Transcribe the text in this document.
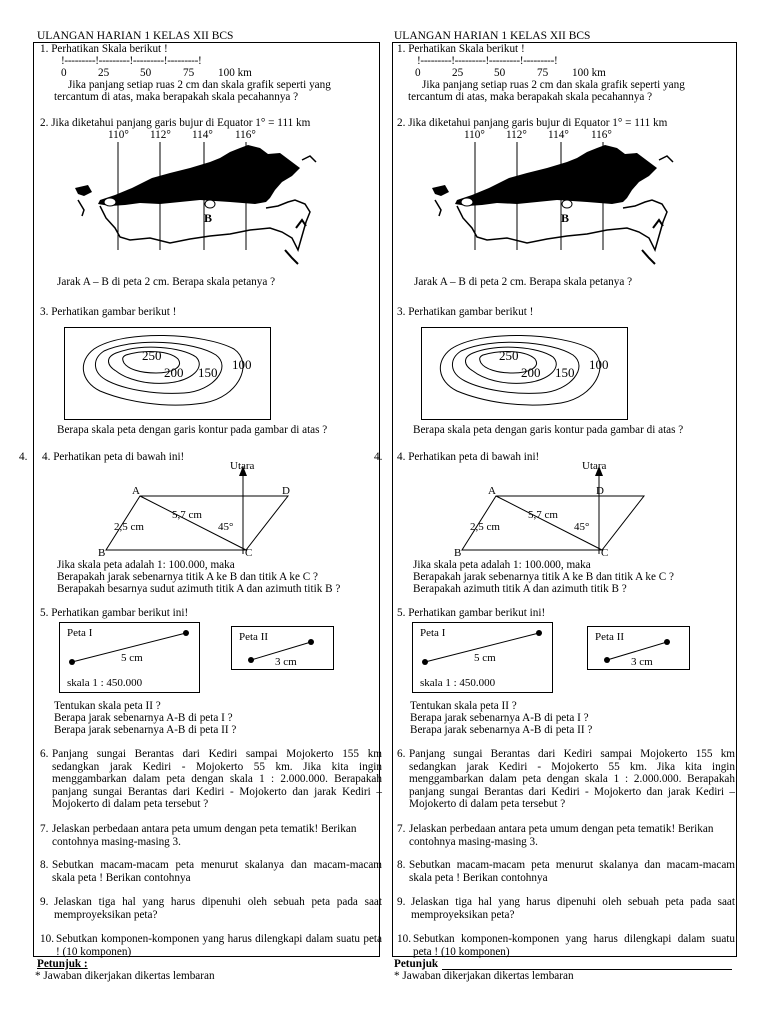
ULANGAN HARIAN 1 KELAS XII BCS
1. Perhatikan Skala berikut !
!---------!---------!---------!---------!
0	25	50	75 100 km
Jika panjang setiap ruas 2 cm dan skala grafik seperti yang
tercantum di atas, maka berapakah skala pecahannya ?
2. Jika diketahui panjang garis bujur di Equator 1° = 111 km
110° 112° 114° 116°
B
Jarak A – B di peta 2 cm. Berapa skala petanya ?
3. Perhatikan gambar berikut !
250
200 150
100
Berapa skala peta dengan garis kontur pada gambar di atas ?
4. 4. Perhatikan peta di bawah ini!
Utara
A	D
B	C
2,5 cm
5,7 cm
45°
Jika skala peta adalah 1: 100.000, maka
Berapakah jarak sebenarnya titik A ke B dan titik A ke C ?
Berapakah besarnya sudut azimuth titik A dan azimuth titik B ?
5. Perhatikan gambar berikut ini!
Peta I
5 cm
skala 1 : 450.000
Peta II
3 cm
Tentukan skala peta II ?
Berapa jarak sebenarnya A-B di peta I ?
Berapa jarak sebenarnya A-B di peta II ?
6. Panjang sungai Berantas dari Kediri sampai Mojokerto 155 km sedangkan jarak Kediri - Mojokerto 55 km. Jika kita ingin menggambarkan dalam peta dengan skala 1 : 2.000.000. Berapakah panjang sungai Berantas dari Kediri - Mojokerto dan jarak Kediri – Mojokerto di dalam peta tersebut ?
7. Jelaskan perbedaan antara peta umum dengan peta tematik! Berikan contohnya masing-masing 3.
8. Sebutkan macam-macam peta menurut skalanya dan macam-macam skala peta ! Berikan contohnya
9. Jelaskan tiga hal yang harus dipenuhi oleh sebuah peta pada saat memproyeksikan peta?
10. Sebutkan komponen-komponen yang harus dilengkapi dalam suatu peta ! (10 komponen)
Petunjuk :
* Jawaban dikerjakan dikertas lembaran
ULANGAN HARIAN 1 KELAS XII BCS
1. Perhatikan Skala berikut !
!---------!---------!---------!---------!
0	25	50	75 100 km
Jika panjang setiap ruas 2 cm dan skala grafik seperti yang
tercantum di atas, maka berapakah skala pecahannya ?
2. Jika diketahui panjang garis bujur di Equator 1° = 111 km
110° 112° 114° 116°
B
Jarak A – B di peta 2 cm. Berapa skala petanya ?
3. Perhatikan gambar berikut !
250
200 150
100
Berapa skala peta dengan garis kontur pada gambar di atas ?
4. 4. Perhatikan peta di bawah ini!
Utara
A	D
B	C
2,5 cm
5,7 cm
45°
Jika skala peta adalah 1: 100.000, maka
Berapakah jarak sebenarnya titik A ke B dan titik A ke C ?
Berapakah azimuth titik A dan azimuth titik B ?
5. Perhatikan gambar berikut ini!
Peta I
5 cm
skala 1 : 450.000
Peta II
3 cm
Tentukan skala peta II ?
Berapa jarak sebenarnya A-B di peta I ?
Berapa jarak sebenarnya A-B di peta II ?
6. Panjang sungai Berantas dari Kediri sampai Mojokerto 155 km sedangkan jarak Kediri - Mojokerto 55 km. Jika kita ingin menggambarkan dalam peta dengan skala 1 : 2.000.000. Berapakah panjang sungai Berantas dari Kediri - Mojokerto dan jarak Kediri – Mojokerto di dalam peta tersebut ?
7. Jelaskan perbedaan antara peta umum dengan peta tematik! Berikan contohnya masing-masing 3.
8. Sebutkan macam-macam peta menurut skalanya dan macam-macam skala peta ! Berikan contohnya
9. Jelaskan tiga hal yang harus dipenuhi oleh sebuah peta pada saat memproyeksikan peta?
10. Sebutkan komponen-komponen yang harus dilengkapi dalam suatu peta ! (10 komponen)
Petunjuk
* Jawaban dikerjakan dikertas lembaran
